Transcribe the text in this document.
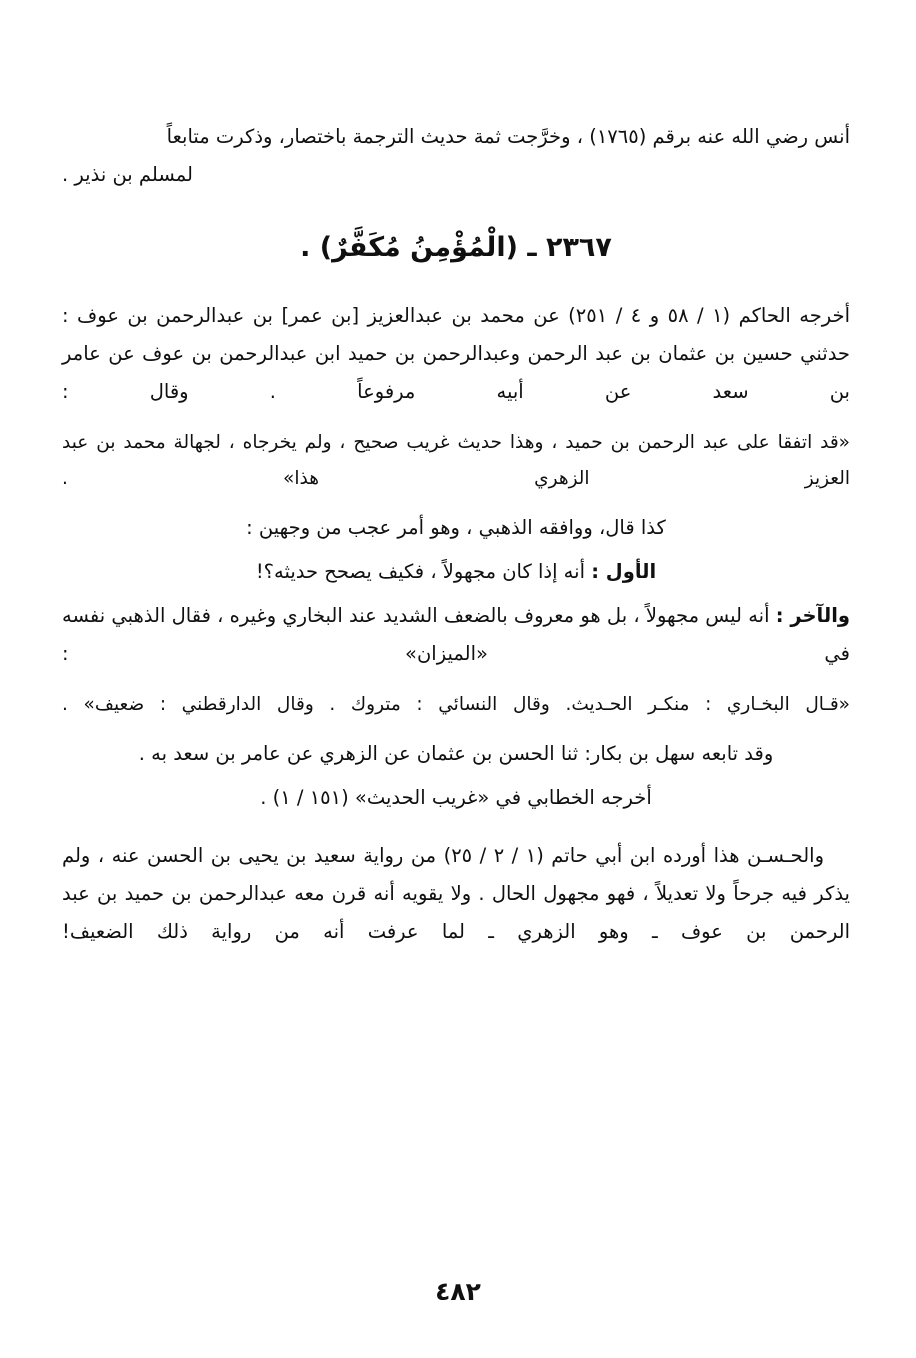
أنس رضي الله عنه برقم (١٧٦٥) ، وخرَّجت ثمة حديث الترجمة باختصار، وذكرت متابعاً

لمسلم بن نذير .

٢٣٦٧ ـ (الْمُؤْمِنُ مُكَفَّرٌ) .

أخرجه الحاكم (١ / ٥٨ و ٤ / ٢٥١) عن محمد بن عبدالعزيز [بن عمر] بن عبدالرحمن بن عوف : حدثني حسين بن عثمان بن عبد الرحمن وعبدالرحمن بن حميد ابن عبدالرحمن بن عوف عن عامر بن سعد عن أبيه مرفوعاً . وقال :

«قد اتفقا على عبد الرحمن بن حميد ، وهذا حديث غريب صحيح ، ولم يخرجاه ، لجهالة محمد بن عبد العزيز الزهري هذا» .

كذا قال، ووافقه الذهبي ، وهو أمر عجب من وجهين :

الأول : أنه إذا كان مجهولاً ، فكيف يصحح حديثه؟!

والآخر : أنه ليس مجهولاً ، بل هو معروف بالضعف الشديد عند البخاري وغيره ، فقال الذهبي نفسه في «الميزان» :

«قـال البخـاري : منكـر الحـديث. وقال النسائي : متروك . وقال الدارقطني : ضعيف» .

وقد تابعه سهل بن بكار: ثنا الحسن بن عثمان عن الزهري عن عامر بن سعد به .

أخرجه الخطابي في «غريب الحديث» (١٥١ / ١) .

والحـسـن هذا أورده ابن أبي حاتم (١ / ٢ / ٢٥) من رواية سعيد بن يحيى بن الحسن عنه ، ولم يذكر فيه جرحاً ولا تعديلاً ، فهو مجهول الحال . ولا يقويه أنه قرن معه عبدالرحمن بن حميد بن عبد الرحمن بن عوف ـ وهو الزهري ـ لما عرفت أنه من رواية ذلك الضعيف!

٤٨٢
